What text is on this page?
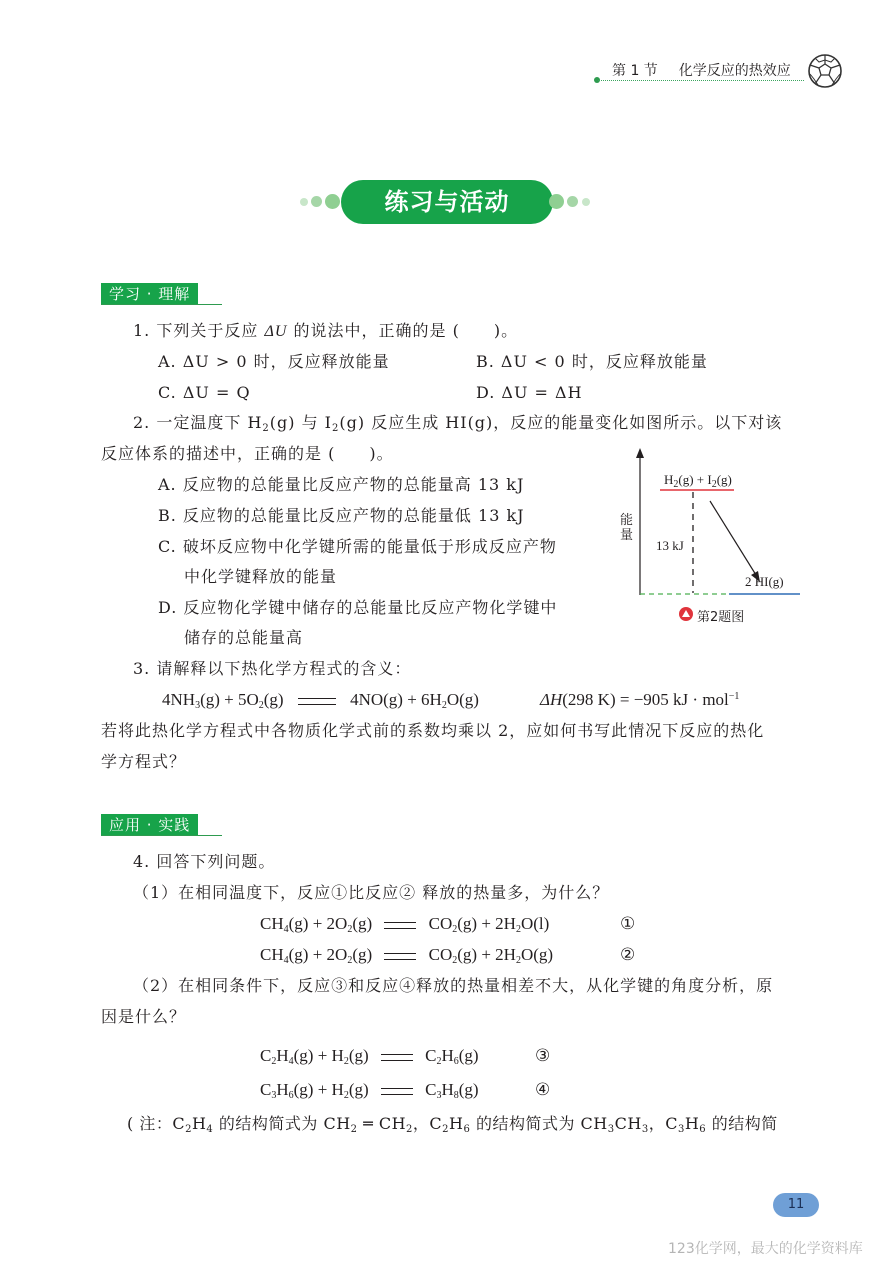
第 1 节 化学反应的热效应
练习与活动
学习 · 理解
1. 下列关于反应 ΔU 的说法中，正确的是 (　　)。
A. ΔU > 0 时，反应释放能量	B. ΔU < 0 时，反应释放能量
C. ΔU = Q	D. ΔU = ΔH
2. 一定温度下 $H_2(g)$ 与 $I_2(g)$ 反应生成 HI(g)，反应的能量变化如图所示。以下对该
反应体系的描述中，正确的是 (　　)。
A. 反应物的总能量比反应产物的总能量高 13 kJ
B. 反应物的总能量比反应产物的总能量低 13 kJ
C. 破坏反应物中化学键所需的能量低于形成反应产物
中化学键释放的能量
D. 反应物化学键中储存的总能量比反应产物化学键中
储存的总能量高
能量
$H_2(g) + I_2(g)$
13 kJ
2 HI(g)
第2题图
3. 请解释以下热化学方程式的含义：
$4NH_3(g) + 5O_2(g)$	$4NO(g) + 6H_2O(g)$	ΔH(298 K) = −905 kJ · mol$^{-1}$
若将此热化学方程式中各物质化学式前的系数均乘以 2，应如何书写此情况下反应的热化
学方程式？
应用 · 实践
4. 回答下列问题。
（1）在相同温度下，反应①比反应② 释放的热量多，为什么？
$CH_4(g) + 2O_2(g)$	$CO_2(g) + 2H_2O(l)$	①
$CH_4(g) + 2O_2(g)$	$CO_2(g) + 2H_2O(g)$	②
（2）在相同条件下，反应③和反应④释放的热量相差不大，从化学键的角度分析，原
因是什么？
$C_2H_4(g) + H_2(g)$	$C_2H_6(g)$	③
$C_3H_6(g) + H_2(g)$	$C_3H_8(g)$	④
( 注：$C_2H_4$ 的结构简式为 $CH_2$ ═ $CH_2$，$C_2H_6$ 的结构简式为 $CH_3CH_3$，$C_3H_6$ 的结构简
11
123化学网，最大的化学资料库
